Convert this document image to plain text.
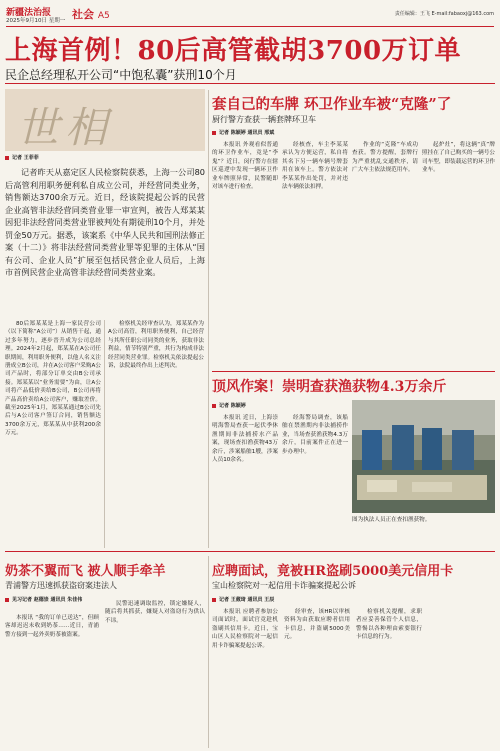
新疆法治报
2025年9月10日 星期一 社会 A5	责任编辑：王飞 E-mail:fabaoxj@163.com
上海首例！80后高管截胡3700万订单
民企总经理私开公司“中饱私囊”获刑10个月
世相
记者 王菲菲

记者昨天从嘉定区人民检察院获悉，上海一公司80后高管利用职务便利私自成立公司，并经营同类业务，销售额达3700余万元。近日，经该院提起公诉的民营企业高管非法经营同类营业罪一审宣判，被告人郑某某因犯非法经营同类营业罪被判处有期徒刑10个月，并处罚金50万元。据悉，该案系《中华人民共和国刑法修正案（十二）》将非法经营同类营业罪等犯罪的主体从“国有公司、企业人员”扩展至包括民营企业人员后，上海市首例民营企业高管非法经营同类营业案。

80后郑某某是上海一家民营公司（以下简称“A公司”）从销售干起，通过多年努力，逐步晋升成为公司总经理。2024年2月起，郑某某在A公司任职期间，利用职务便利，以他人名义注册成立B公司，并在A公司客户采购A公司产品时，将部分订单交由B公司承接。郑某某以“业务需要”为由，让A公司将产品低价卖给B公司，B公司再将产品高价卖给A公司客户，赚取差价。截至2025年1月，郑某某通过B公司先后与A公司客户签订合同，销售额达3700余万元，郑某某从中获利200余万元。

检察机关经审查认为，郑某某作为A公司高管，利用职务便利，自己经营与其所任职公司同类的业务，获取非法利益，情节特别严重，其行为构成非法经营同类营业罪。检察机关依法提起公诉，法院最终作出上述判决。

套自己的车牌 环卫作业车被“克隆”了
厨行警方查获一辆套牌环卫车
记者 陈颖婷 通讯员 邢斌

本报讯 外观看似普通的环卫作业车，竟是“李鬼”？近日，闵行警方在辖区巡逻中发现一辆环卫作业车牌照异常，民警随即对该车进行检查。

经核查，车主李某某承认为方便运营，私自将其名下另一辆车辆号牌套用在该车上。警方依法对李某某作出处罚，并对违法车辆依法扣押。

作业的“克隆”车成功查获。警方提醒，套牌行为严重扰乱交通秩序，请广大车主依法规范用车。

起炉灶”，将这辆“真”牌照挂在了自己购买的一辆号公司车型，即装载运营的环卫作业车。

顶风作案！崇明查获渔获物4.3万余斤
记者 陈颖婷

本报讯 近日，上海崇明海警局查获一起伏季休渔期间非法捕捞水产品案，现场查扣渔获物43万余斤，涉案船舶1艘，涉案人员10余名。

经海警局调查，该船舶在禁渔期内非法捕捞作业，当场查获渔获物4.3万余斤，目前案件正在进一步办理中。

图为执法人员正在查扣渔获物。

奶茶不翼而飞 被人顺手牵羊
青浦警方迅速抓获盗窃案违法人
见习记者 赵德崇 通讯员 朱佳伟

本报讯 “我的订单已送达”，但顾客却迟迟未收到奶茶……近日，青浦警方接到一起外卖奶茶被盗案。

民警迅速调取监控，锁定嫌疑人，随后将其抓获，嫌疑人对盗窃行为供认不讳。

应聘面试，竟被HR盗刷5000美元信用卡
宝山检察院对一起信用卡诈骗案提起公诉
记者 王葳琦 通讯员 王辰

本报讯 应聘者参加公司面试时，面试官竟趁机盗刷其信用卡。近日，宝山区人民检察院对一起信用卡诈骗案提起公诉。

经审查，该HR以审核资料为由获取应聘者信用卡信息，并盗刷5000美元。

检察机关提醒，求职者应妥善保管个人信息，警惕以各种理由索要银行卡信息的行为。
